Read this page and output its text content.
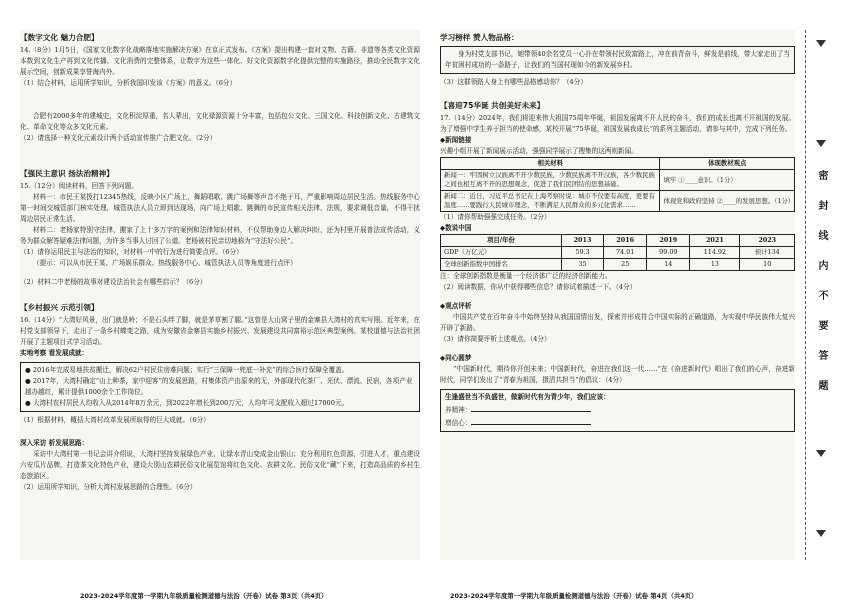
【数字文化 魅力合肥】

14.（8分）1月5日，《国家文化数字化战略落地实施解决方案》在京正式发布。《方案》提出构建一套对文物、古籍、非遗等各类文化资源本数到文化生产再到文化传播、文化消费的完整体系，让数字为这些一体化、好文化资源数字化提供完整的实施路径，推动全民数字文化展示空间，创新成果享誉海内外。

（1）结合材料，运用所学知识，分析我国印发该《方案》的意义。（6分）

合肥有2000多年的建城史，文化积淀厚重，名人辈出，文化禄源资源十分丰富，包括包公文化、三国文化、科技创新文化、古建筑文化、革命文化等众多文化元素。

（2）请选择一种文化元素设计两个活动宣传推广合肥文化。（2分）

【强民主意识 扬法治精神】

15.（12分）阅读材料，回答下列问题。

材料一：市民王某拨打12345热线，反映小区广场上，舞蹈唱歌、跳广场舞等声音不绝于耳，严重影响周边居民生活。热线服务中心第一时间交城管部门核实处理，城管执法人员立即到达现场，向广场上唱歌、跳舞的市民宣传相关法律、法规，要求调低音量，不得干扰周边居民正常生活。

材料二：老杨家特别守法律，搬家了上十多万字的案例和法律知识材料，不仅帮助身边人解决纠纷，还为村里开展普法宣传活动，义务为群众解答疑难法律问题，为许多当事人讨回了公道。老杨被村民亲切地称为“守法好公民”。

（1）请你运用民主与法治的知识，对材料一中的行为进行简要点评。（6分）

（提示：可以从市民王某、广场娱乐群众、热线服务中心、城管执法人员等角度进行点评）

（2）材料二中老杨的故事对建设法治社会有哪些启示？（6分）

【乡村振兴 示范引领】

16.（14分）“大湾好风景，出门就是岭；不是石头绊了脚，就是茅草割了腿。”这曾是大山窝子里的金寨县大湾村的真实写照。近年来，在村党支部领导下，走出了一条乡村蝶变之路，成为安徽省金寨县实施乡村振兴、发展建设共同富裕示范区典型案例。某校道德与法治社团开展了主题项目式学习活动。

实地考察 看发展成就：

● 2016年完成易地扶贫搬迁，解决62户村民住房难问题；实行“三保障一兜底一补充”的综合医疗保障全覆盖。

● 2017年，大湾村确定“山上种茶，家中迎客”的发展思路，村集体资产由原来的无，外部现代化茶厂、光伏、漂流、民宿，各项产业越办越红，累计提供1000余个工作岗位。

● 大湾村农村居民人均收入从2014年8万余元，到2022年增长到200万元，人均年可支配收入超过17000元。

（1）根据材料，概括大湾村改革发展所取得的巨大成就。（6分）

深入采访 析发展思路：

采访中大湾村第一书记会讲介绍说，大湾村坚持发展绿色产业，让绿水青山变成金山银山；充分利用红色资源，引进人才，重点建设六安瓜片品牌，打造茶文化特色产业，建设大别山农耕民俗文化展览馆将红色文化、农耕文化、民俗文化“藏”下来，打造高品质的乡村生态旅游区。

（2）运用所学知识，分析大湾村发展思路的合理性。（6分）

2023-2024学年度第一学期九年级质量检测道德与法治（开卷）试卷 第3页（共4页）
学习榜样 赞人物品格：

身为村党支部书记，她带领40余名党员一心扑在带领村民致富路上，冲在前背奋斗，鲜发是前线，带大家走出了当年贫困村成功的一条路子，让我们的当国村现如今的新发展乡村。

（3）这群领路人身上有哪些品格感动你？（4分）

【喜迎75华诞 共创美好未来】

17.（14分）2024年，我们将迎来伟大祖国75周年华诞，祖国发展离不开人民的奋斗，我们的成长也离不开祖国的发展。为了增强中学生养于担当的使命感，某校开展“75华诞，祖国发展我成长”的系列主题活动，请参与其中，完成下列任务。

◆新闻链接

兴趣小组开展了新闻展示活动，强强同学展示了搜集的这两则新闻。

相关材料	体现教材观点
新闻一：牢固树立汉族离不开少数民族，少数民族离不开汉族，各少数民族之间也相互离不开的思想观念，促进了我们民团结的思想基础。	填牢 ①____意识。（1分）
新闻二：近日，习近平总书记在上海考察时说：城市不仅要有高度，更要有温度……要践行人民城市理念，不断满足人民群众的多元化需求……	体现党和政府坚持 ②____的发展思想。（1分）

（1）请你帮助强强完成任务。（2分）

◆数说中国

项目/年份	2013	2016	2019	2021	2023
GDP（万亿元）	59.3	74.01	99.09	114.92	预计134
全球创新指数中国排名	35	25	14	13	10

注：全球创新指数是衡量一个经济体广泛的经济创新能力。

（2）阅读数据，你从中获得哪些信息？请你试着描述一下。（4分）

◆观点评析

中国共产党在百年奋斗中始终坚持从我国国情出发，探索并形成符合中国实际的正确道路，为实现中华民族伟大复兴开辟了新路。

（3）请你简要评析上述观点。（4分）

◆同心圆梦

“中国新时代，期待你开创未来；中国新时代，奋进在我们这一代……”在《奋进新时代》唱出了我们的心声，奋进新时代，同学们发出了“青春为祖国，摄清共担当”的倡议：（4分）

生逢盛世当不负盛世，做新时代有为青少年，我们应该：

养精神：

增信心：

2023-2024学年度第一学期九年级质量检测道德与法治（开卷）试卷 第4页（共4页）
密封线内不要答题
